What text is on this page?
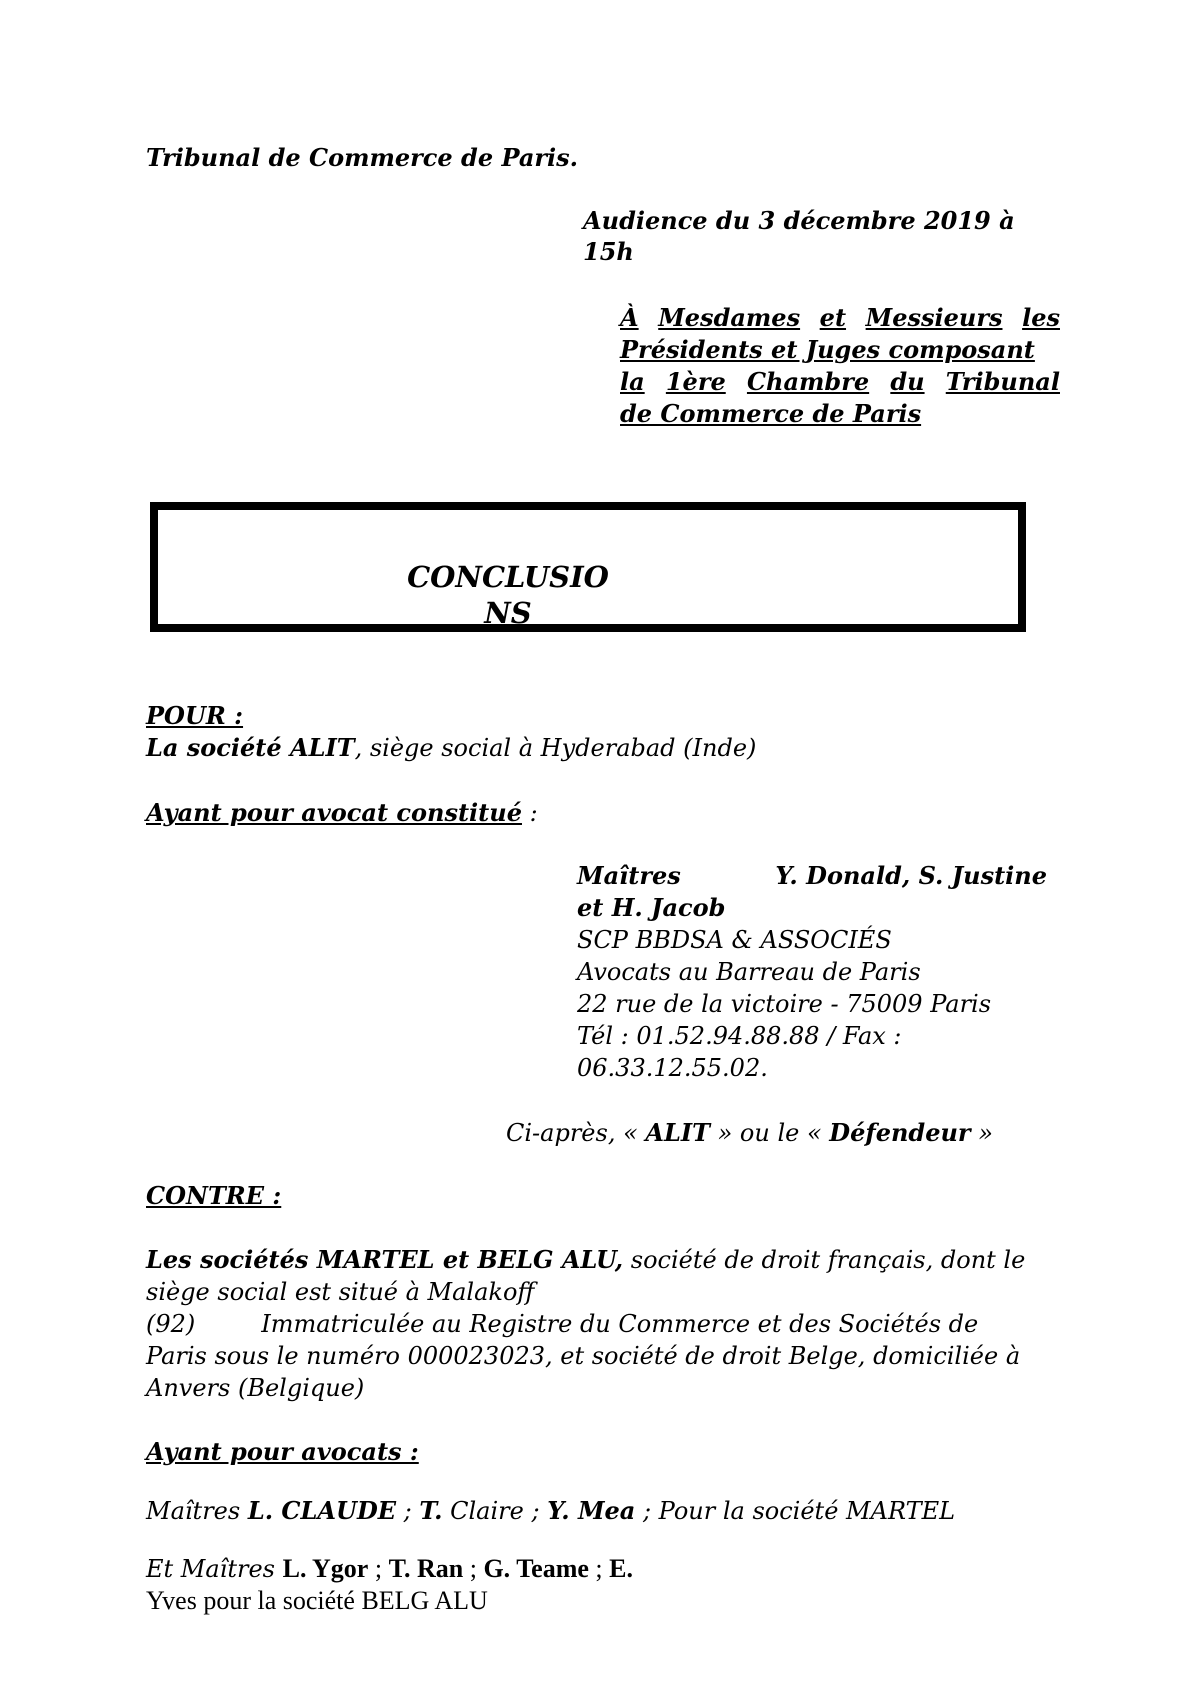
Tribunal de Commerce de Paris.
Audience du 3 décembre 2019 à
15h
À Mesdames et Messieurs les
Présidents et Juges composant
la 1ère Chambre du Tribunal
de Commerce de Paris
CONCLUSIO
NS
POUR :
La société ALIT, siège social à Hyderabad (Inde)
Ayant pour avocat constitué :
Maîtres	Y. Donald, S. Justine
et H. Jacob
SCP BBDSA & ASSOCIÉS
Avocats au Barreau de Paris
22 rue de la victoire - 75009 Paris
Tél : 01.52.94.88.88 / Fax :
06.33.12.55.02.
Ci-après, « ALIT » ou le « Défendeur »
CONTRE :
Les sociétés MARTEL et BELG ALU, société de droit français, dont le
siège social est situé à Malakoff
(92)	Immatriculée au Registre du Commerce et des Sociétés de
Paris sous le numéro 000023023, et société de droit Belge, domiciliée à
Anvers (Belgique)
Ayant pour avocats :
Maîtres L. CLAUDE ; T. Claire ; Y. Mea ; Pour la société MARTEL
Et Maîtres L. Ygor ; T. Ran ; G. Teame ; E.
Yves pour la société BELG ALU
